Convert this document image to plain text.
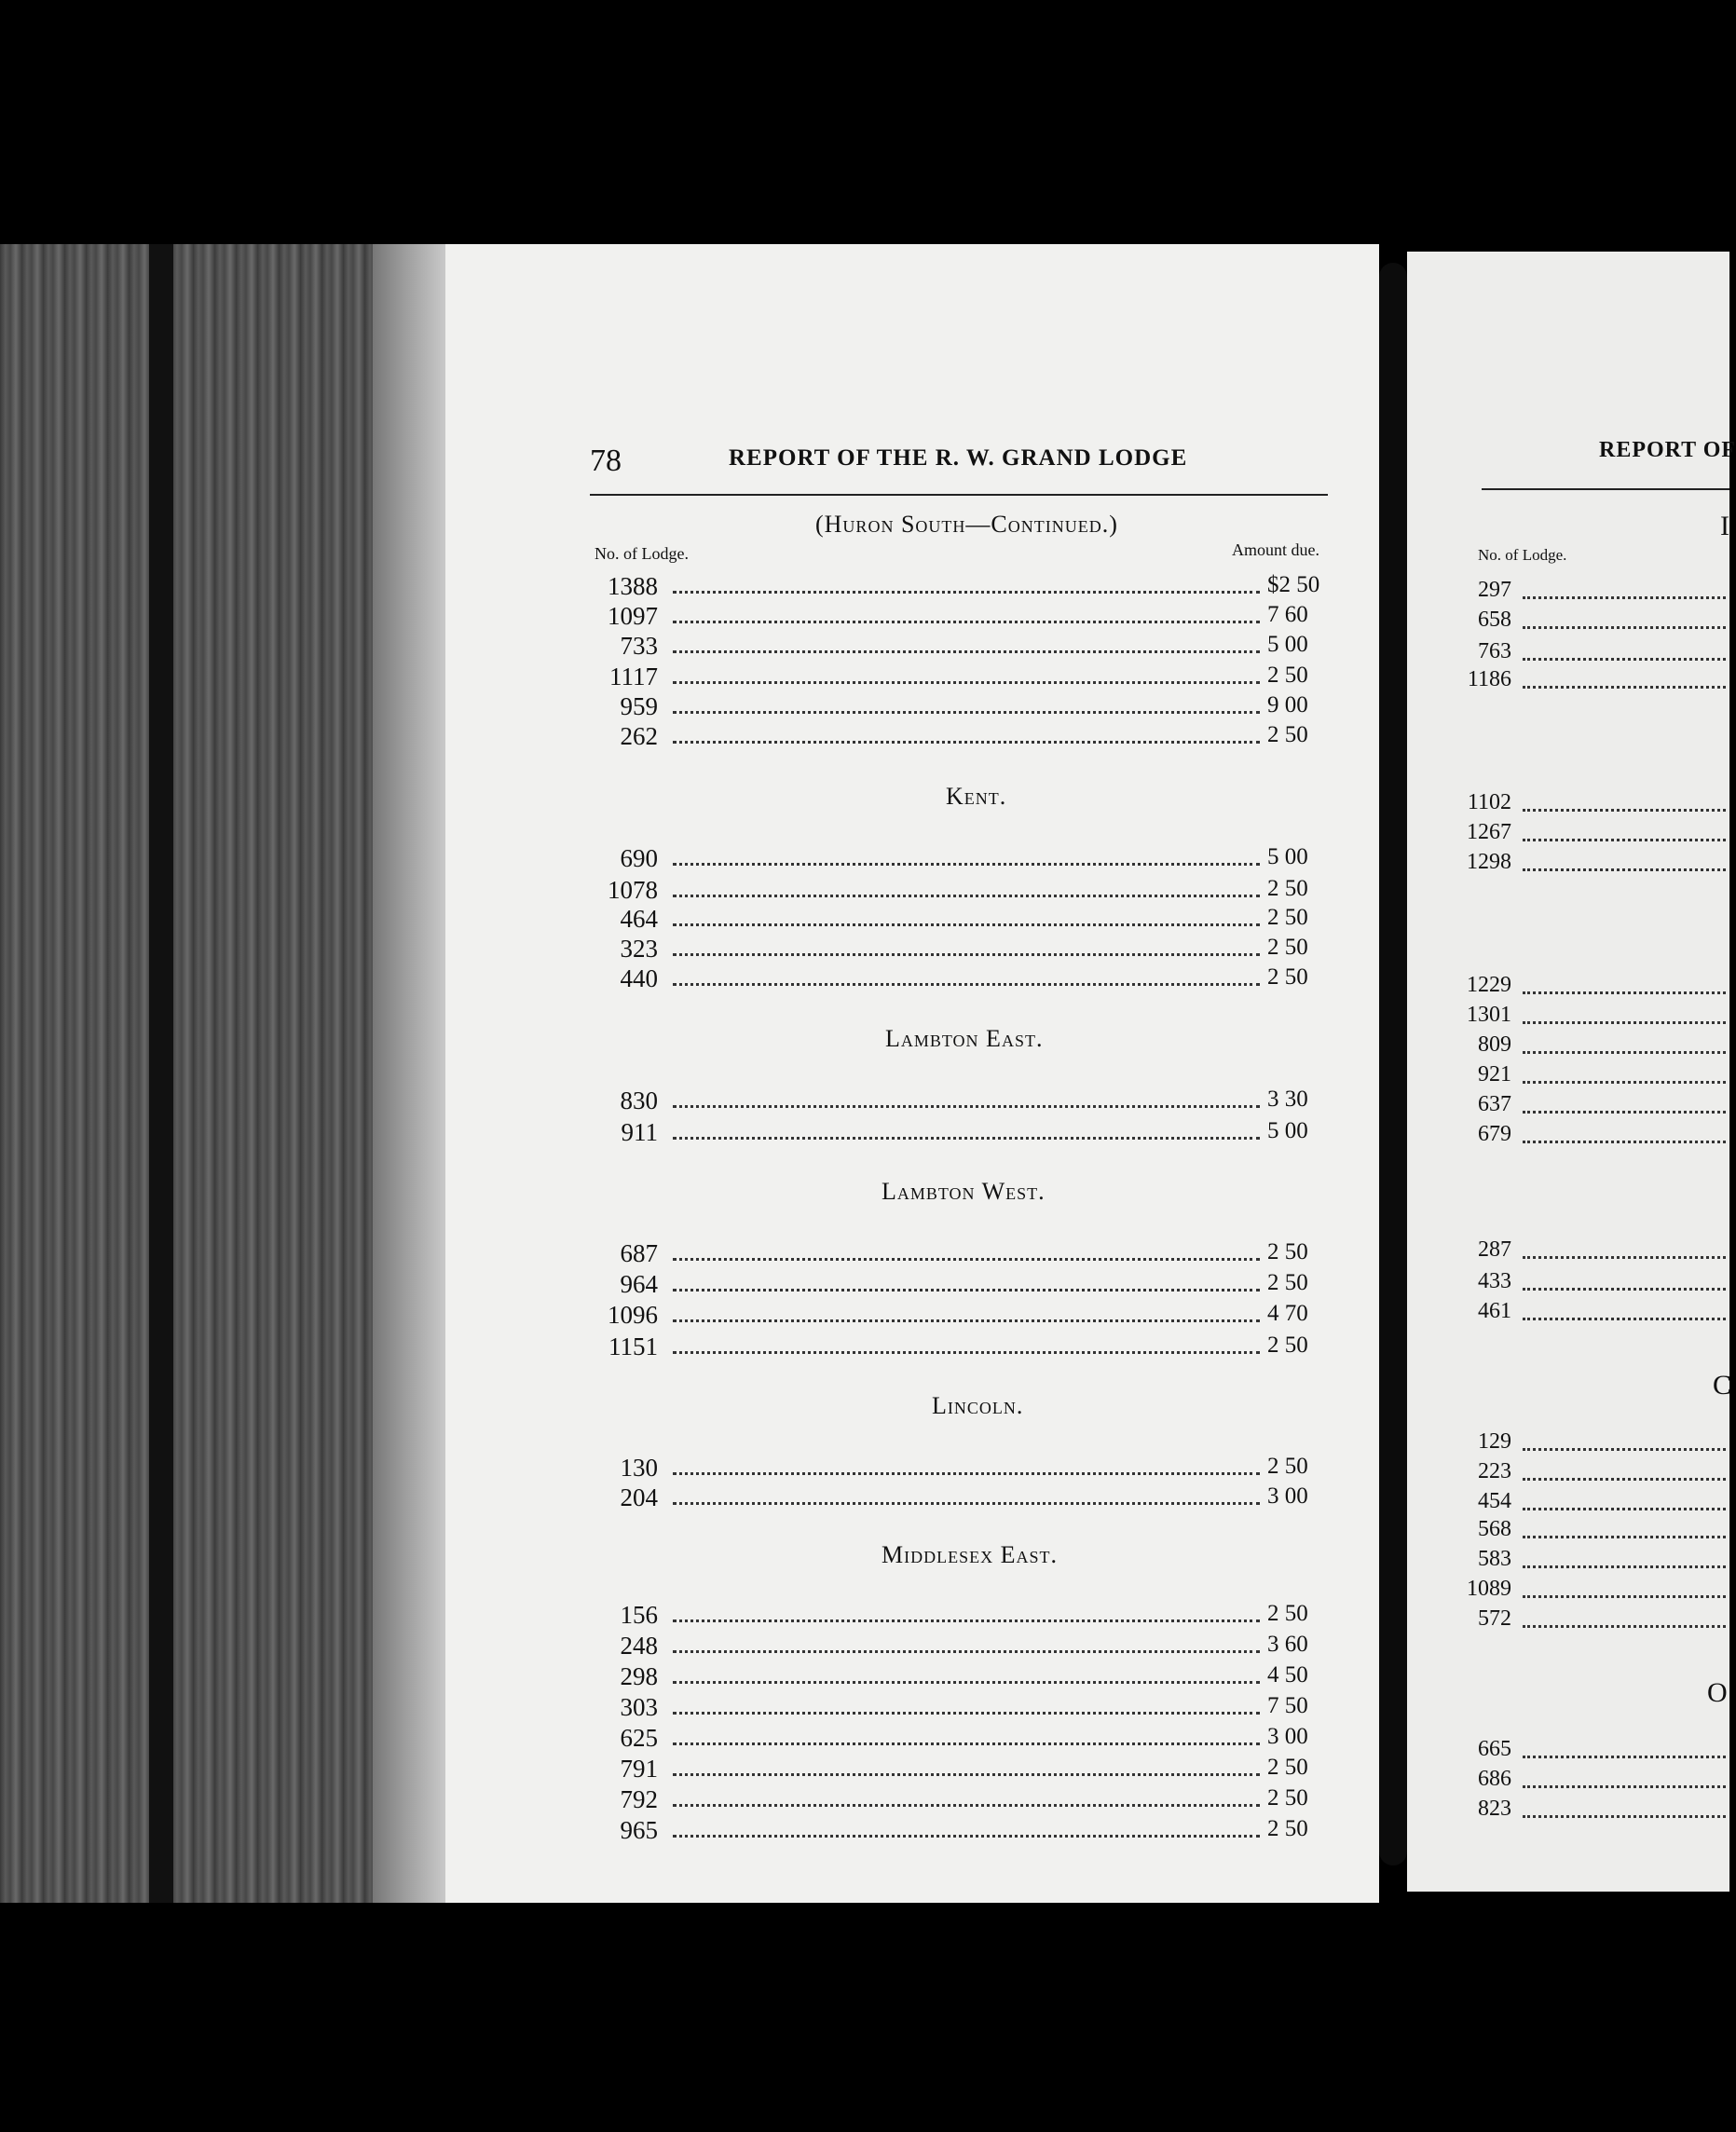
78	REPORT OF THE R. W. GRAND LODGE
No. of Lodge.	Amount due.
REPORT OF
No. of Lodge.
(Huron South—Continued.)
1388	$2 50
1097	7 60
733	5 00
1117	2 50
959	9 00
262	2 50
Kent.
690	5 00
1078	2 50
464	2 50
323	2 50
440	2 50
Lambton East.
830	3 30
911	5 00
Lambton West.
687	2 50
964	2 50
1096	4 70
1151	2 50
Lincoln.
130	2 50
204	3 00
Middlesex East.
156	2 50
248	3 60
298	4 50
303	7 50
625	3 00
791	2 50
792	2 50
965	2 50
I
297
658
763
1186
1102
1267
1298
1229
1301
809
921
637
679
287
433
461
C
129
223
454
568
583
1089
572
O
665
686
823
